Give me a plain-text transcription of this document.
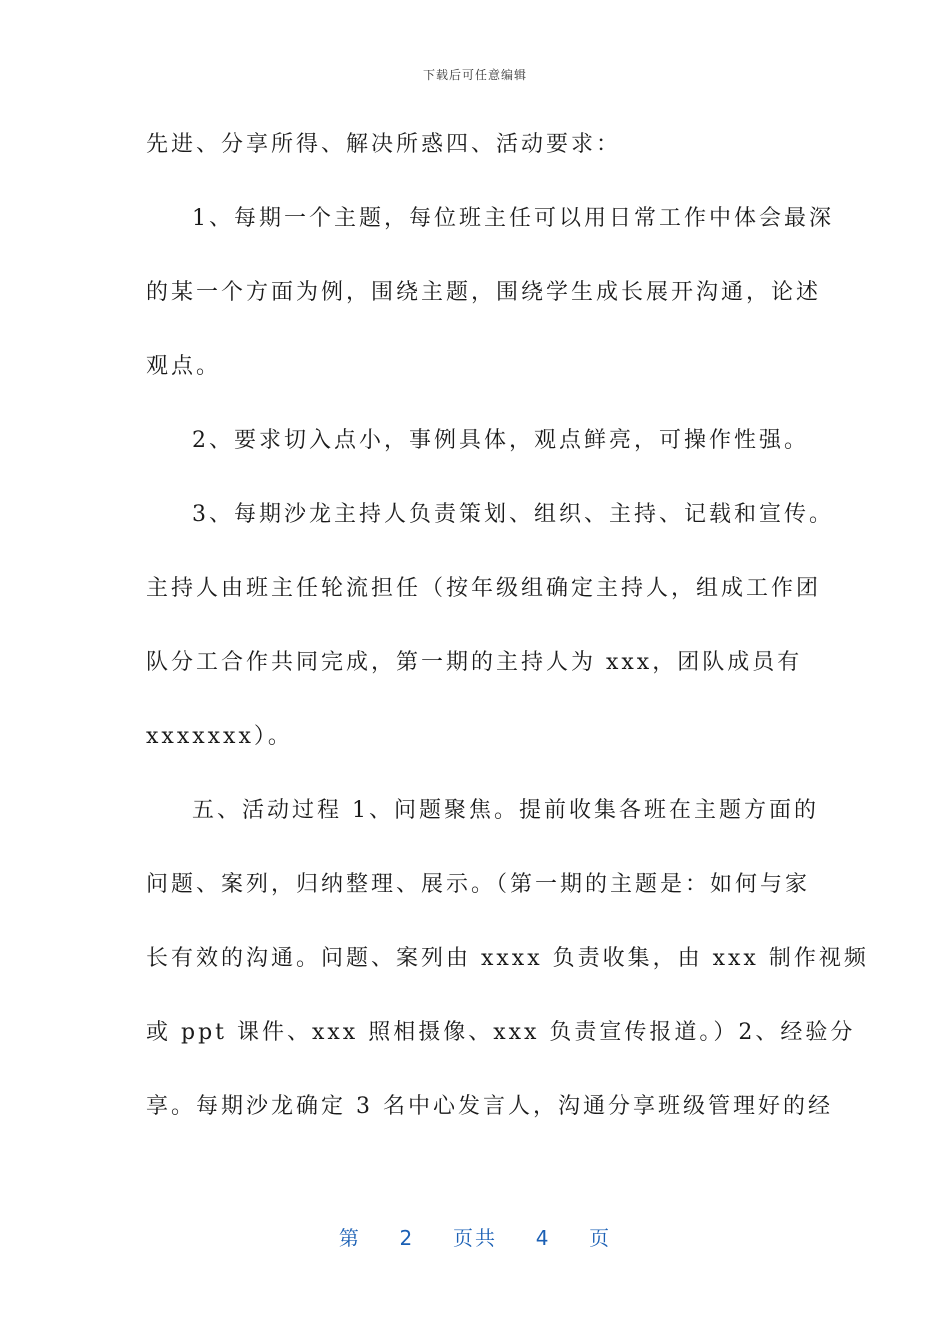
下载后可任意编辑
先进、分享所得、解决所惑四、活动要求：
1、每期一个主题，每位班主任可以用日常工作中体会最深
的某一个方面为例，围绕主题，围绕学生成长展开沟通，论述
观点。
2、要求切入点小，事例具体，观点鲜亮，可操作性强。
3、每期沙龙主持人负责策划、组织、主持、记载和宣传。
主持人由班主任轮流担任（按年级组确定主持人，组成工作团
队分工合作共同完成，第一期的主持人为 xxx，团队成员有
xxxxxxx）。
五、活动过程 1、问题聚焦。提前收集各班在主题方面的
问题、案列，归纳整理、展示。（第一期的主题是：如何与家
长有效的沟通。问题、案列由 xxxx 负责收集，由 xxx 制作视频
或 ppt 课件、xxx 照相摄像、xxx 负责宣传报道。）2、经验分
享。每期沙龙确定 3 名中心发言人，沟通分享班级管理好的经
第 2 页共 4 页
